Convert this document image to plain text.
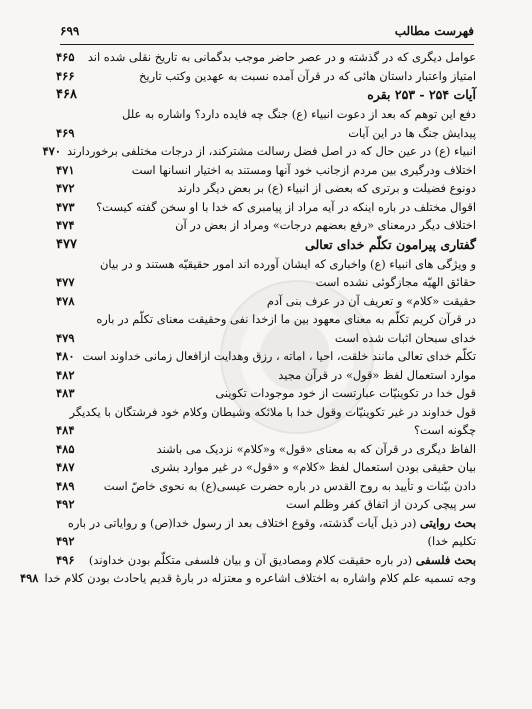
۶۹۹	فهرست مطالب
عوامل دیگری که در گذشته و در عصر حاضر موجب بدگمانی به تاریخ نقلی شده اند
۴۶۵
امتیاز واعتبار داستان هائی که در قرآن آمده نسبت به عهدین وکتب تاریخ
۴۶۶
آیات ۲۵۴ - ۲۵۳ بقره
۴۶۸
دفع این توهم که بعد از دعوت انبیاء (ع) جنگ چه فایده دارد؟ واشاره به علل
پیدایش جنگ ها در این آیات
۴۶۹
انبیاء (ع) در عین حال که در اصل فضل رسالت مشترکند، از درجات مختلفی برخوردارند
۴۷۰
اختلاف ودرگیری بین مردم ازجانب خود آنها ومستند به اختیار انسانها است
۴۷۱
دونوع فضیلت و برتری که بعضی از انبیاء (ع) بر بعض دیگر دارند
۴۷۲
اقوال مختلف در باره اینکه در آیه مراد از پیامبری که خدا با او سخن گفته کیست؟
۴۷۳
اختلاف دیگر درمعنای «رفع بعضهم درجات» ومراد از بعض در آن
۴۷۴
گفتاری پیرامون تکلّم خدای تعالی
۴۷۷
و ویژگی های انبیاء (ع) واخباری که ایشان آورده اند امور حقیقیّه هستند و در بیان
حقائق الهیّه مجازگوئی نشده است
۴۷۷
حقیقت «کلام» و تعریف آن در عرف بنی آدم
۴۷۸
در قرآن کریم تکلّم به معنای معهود بین ما ازخدا نفی وحقیقت معنای تکلّم در باره
خدای سبحان اثبات شده است
۴۷۹
تکلّم خدای تعالی مانند خلقت، احیا ، اماته ، رزق وهدایت ازافعال زمانی خداوند است
۴۸۰
موارد استعمال لفظ «قول» در قرآن مجید
۴۸۲
قول خدا در تکوینیّات عبارتست از خود موجودات تکوینی
۴۸۳
قول خداوند در غیر تکوینیّات وقول خدا با ملائکه وشیطان وکلام خود فرشتگان با یکدیگر
چگونه است؟
۴۸۴
الفاظ دیگری در قرآن که به معنای «قول» و«کلام» نزدیک می باشند
۴۸۵
بیان حقیقی بودن استعمال لفظ «کلام» و «قول» در غیر موارد بشری
۴۸۷
دادن بیّنات و تأیید به روح القدس در باره حضرت عیسی(ع) به نحوی خاصّ است
۴۸۹
سر پیچی کردن از اتفاق کفر وظلم است
۴۹۲
بحث روایتی (در ذیل آیات گذشته، وقوع اختلاف بعد از رسول خدا(ص) و روایاتی در باره
تکلیم خدا)
۴۹۲
بحث فلسفی (در باره حقیقت کلام ومصادیق آن و بیان فلسفی متکلّم بودن خداوند)
۴۹۶
وجه تسمیه علم کلام واشاره به اختلاف اشاعره و معتزله در بارهٔ قدیم یاحادث بودن کلام خدا
۴۹۸
